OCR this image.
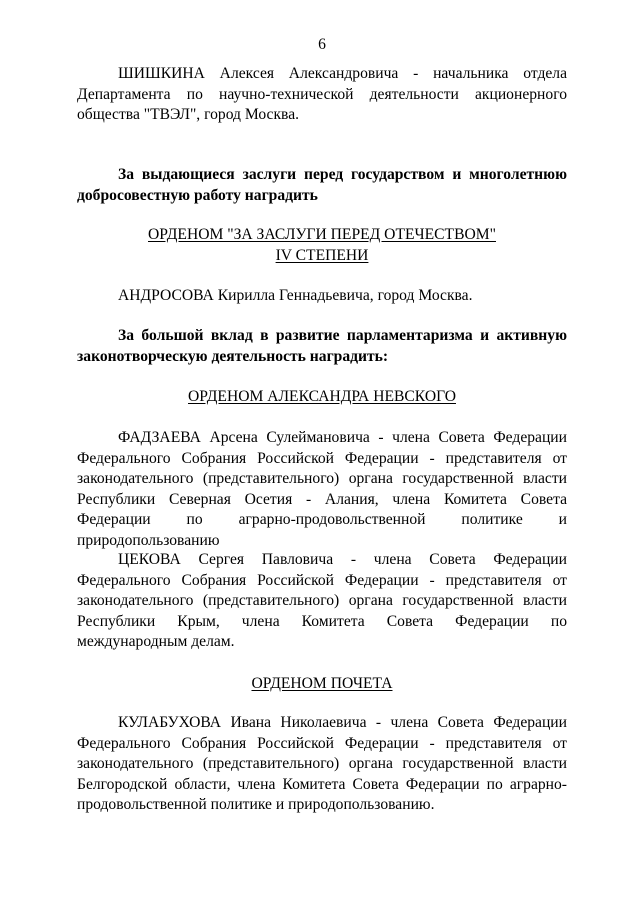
6

ШИШКИНА Алексея Александровича - начальника отдела Департамента по научно-технической деятельности акционерного общества "ТВЭЛ", город Москва.

За выдающиеся заслуги перед государством и многолетнюю добросовестную работу наградить

ОРДЕНОМ "ЗА ЗАСЛУГИ ПЕРЕД ОТЕЧЕСТВОМ"
IV СТЕПЕНИ

АНДРОСОВА Кирилла Геннадьевича, город Москва.

За большой вклад в развитие парламентаризма и активную законотворческую деятельность наградить:

ОРДЕНОМ АЛЕКСАНДРА НЕВСКОГО

ФАДЗАЕВА Арсена Сулеймановича - члена Совета Федерации Федерального Собрания Российской Федерации - представителя от законодательного (представительного) органа государственной власти Республики Северная Осетия - Алания, члена Комитета Совета Федерации по аграрно-продовольственной политике и природопользованию

ЦЕКОВА Сергея Павловича - члена Совета Федерации Федерального Собрания Российской Федерации - представителя от законодательного (представительного) органа государственной власти Республики Крым, члена Комитета Совета Федерации по международным делам.

ОРДЕНОМ ПОЧЕТА

КУЛАБУХОВА Ивана Николаевича - члена Совета Федерации Федерального Собрания Российской Федерации - представителя от законодательного (представительного) органа государственной власти Белгородской области, члена Комитета Совета Федерации по аграрно-продовольственной политике и природопользованию.
